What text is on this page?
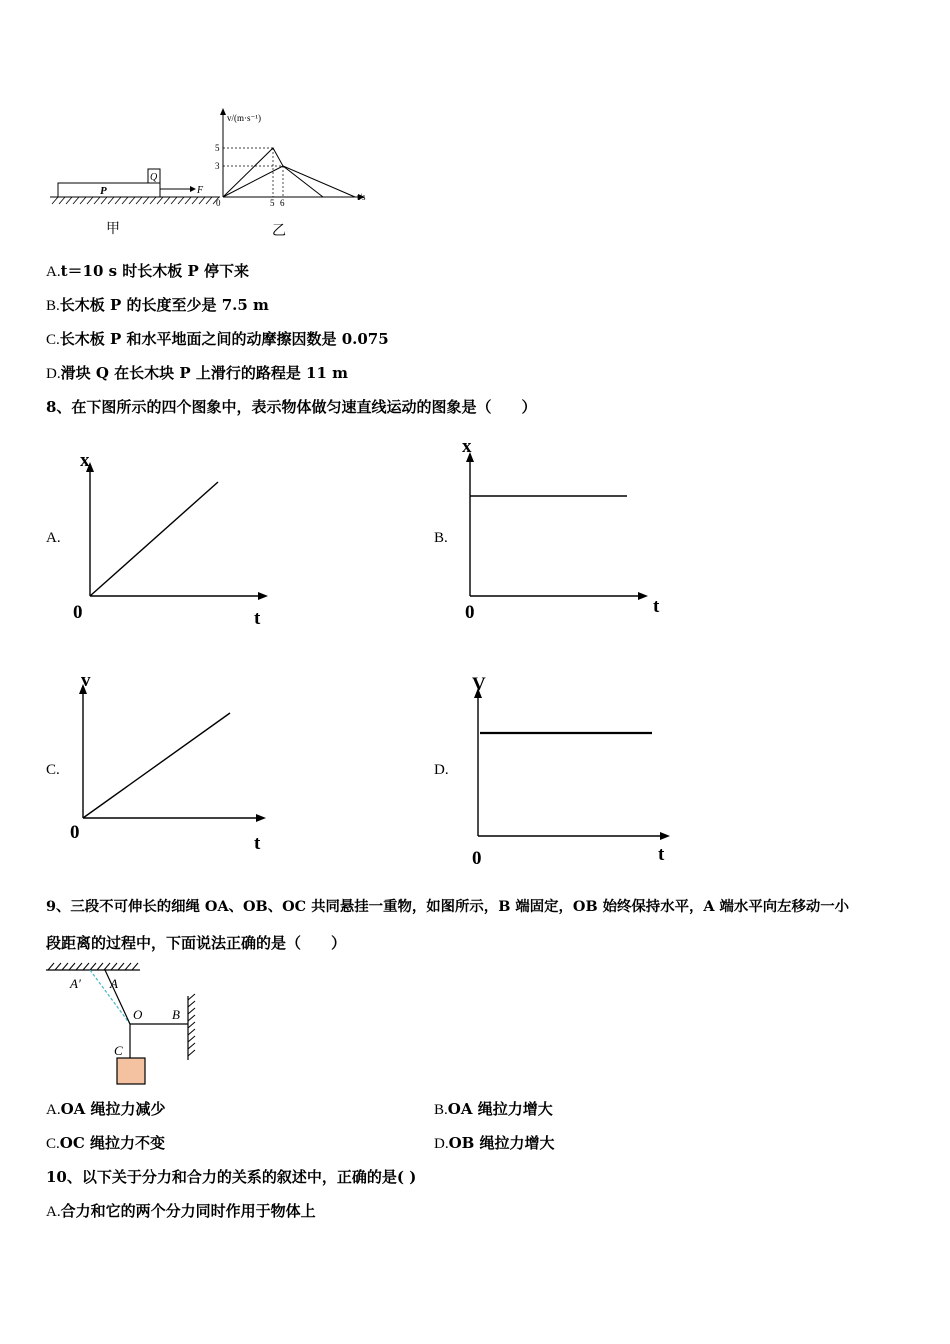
P
Q
F
甲
v/(m·s⁻¹)
t/s
5
3
0	5 6
乙
A.t＝10 s 时长木板 P 停下来
B.长木板 P 的长度至少是 7.5 m
C.长木板 P 和水平地面之间的动摩擦因数是 0.075
D.滑块 Q 在长木块 P 上滑行的路程是 11 m
8、在下图所示的四个图象中，表示物体做匀速直线运动的图象是（　　）
A.
x
t
0
B.
x
t
0
C.
v
t
0
D.
V
t
0
9、三段不可伸长的细绳 OA、OB、OC 共同悬挂一重物，如图所示，B 端固定，OB 始终保持水平，A 端水平向左移动一小
段距离的过程中，下面说法正确的是（　　）
A′ A
O B
C
A.OA 绳拉力减少	B.OA 绳拉力增大
C.OC 绳拉力不变	D.OB 绳拉力增大
10、以下关于分力和合力的关系的叙述中，正确的是( )
A.合力和它的两个分力同时作用于物体上
